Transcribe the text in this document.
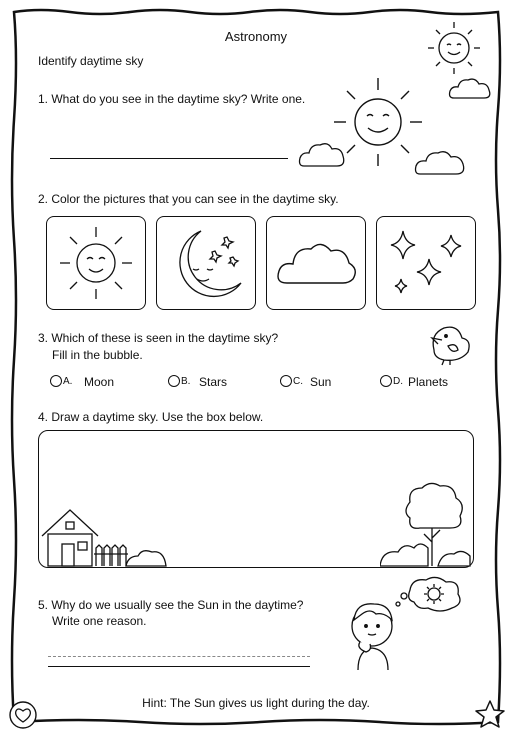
Astronomy
Identify daytime sky
1. What do you see in the daytime sky? Write one.
2. Color the pictures that you can see in the daytime sky.
3. Which of these is seen in the daytime sky?
Fill in the bubble.
A. Moon	B. Stars	C. Sun	D. Planets
4. Draw a daytime sky. Use the box below.
5. Why do we usually see the Sun in the daytime?
Write one reason.
Hint: The Sun gives us light during the day.
